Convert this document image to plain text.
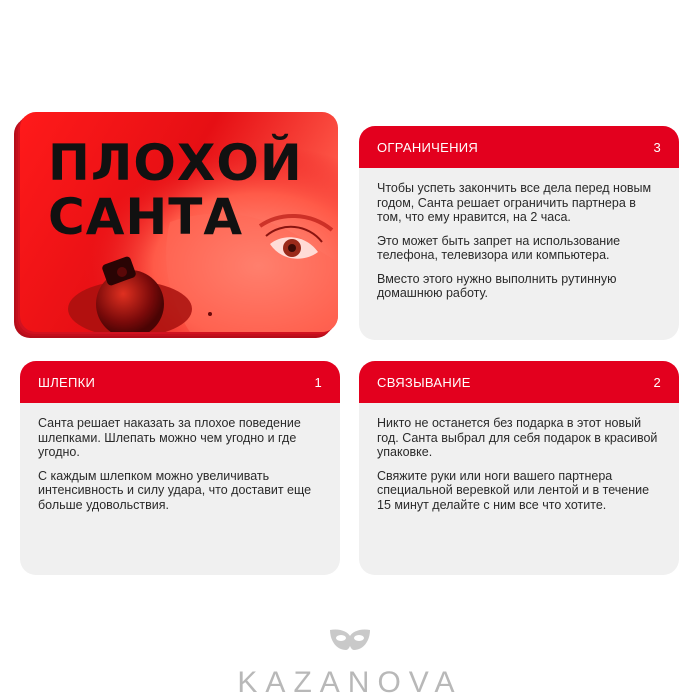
ПЛОХОЙ
САНТА
ОГРАНИЧЕНИЯ	3

Чтобы успеть закончить все дела перед новым годом, Санта решает ограничить партнера в том, что ему нравится, на 2 часа.

Это может быть запрет на использование телефона, телевизора или компьютера.

Вместо этого нужно выполнить рутинную домашнюю работу.

ШЛЕПКИ	1

Санта решает наказать за плохое поведение шлепками. Шлепать можно чем угодно и где угодно.

С каждым шлепком можно увеличивать интенсивность и силу удара, что доставит еще больше удовольствия.

СВЯЗЫВАНИЕ	2

Никто не останется без подарка в этот новый год. Санта выбрал для себя подарок в красивой упаковке.

Свяжите руки или ноги вашего партнера специальной веревкой или лентой и в течение 15 минут делайте с ним все что хотите.

KAZANOVA
